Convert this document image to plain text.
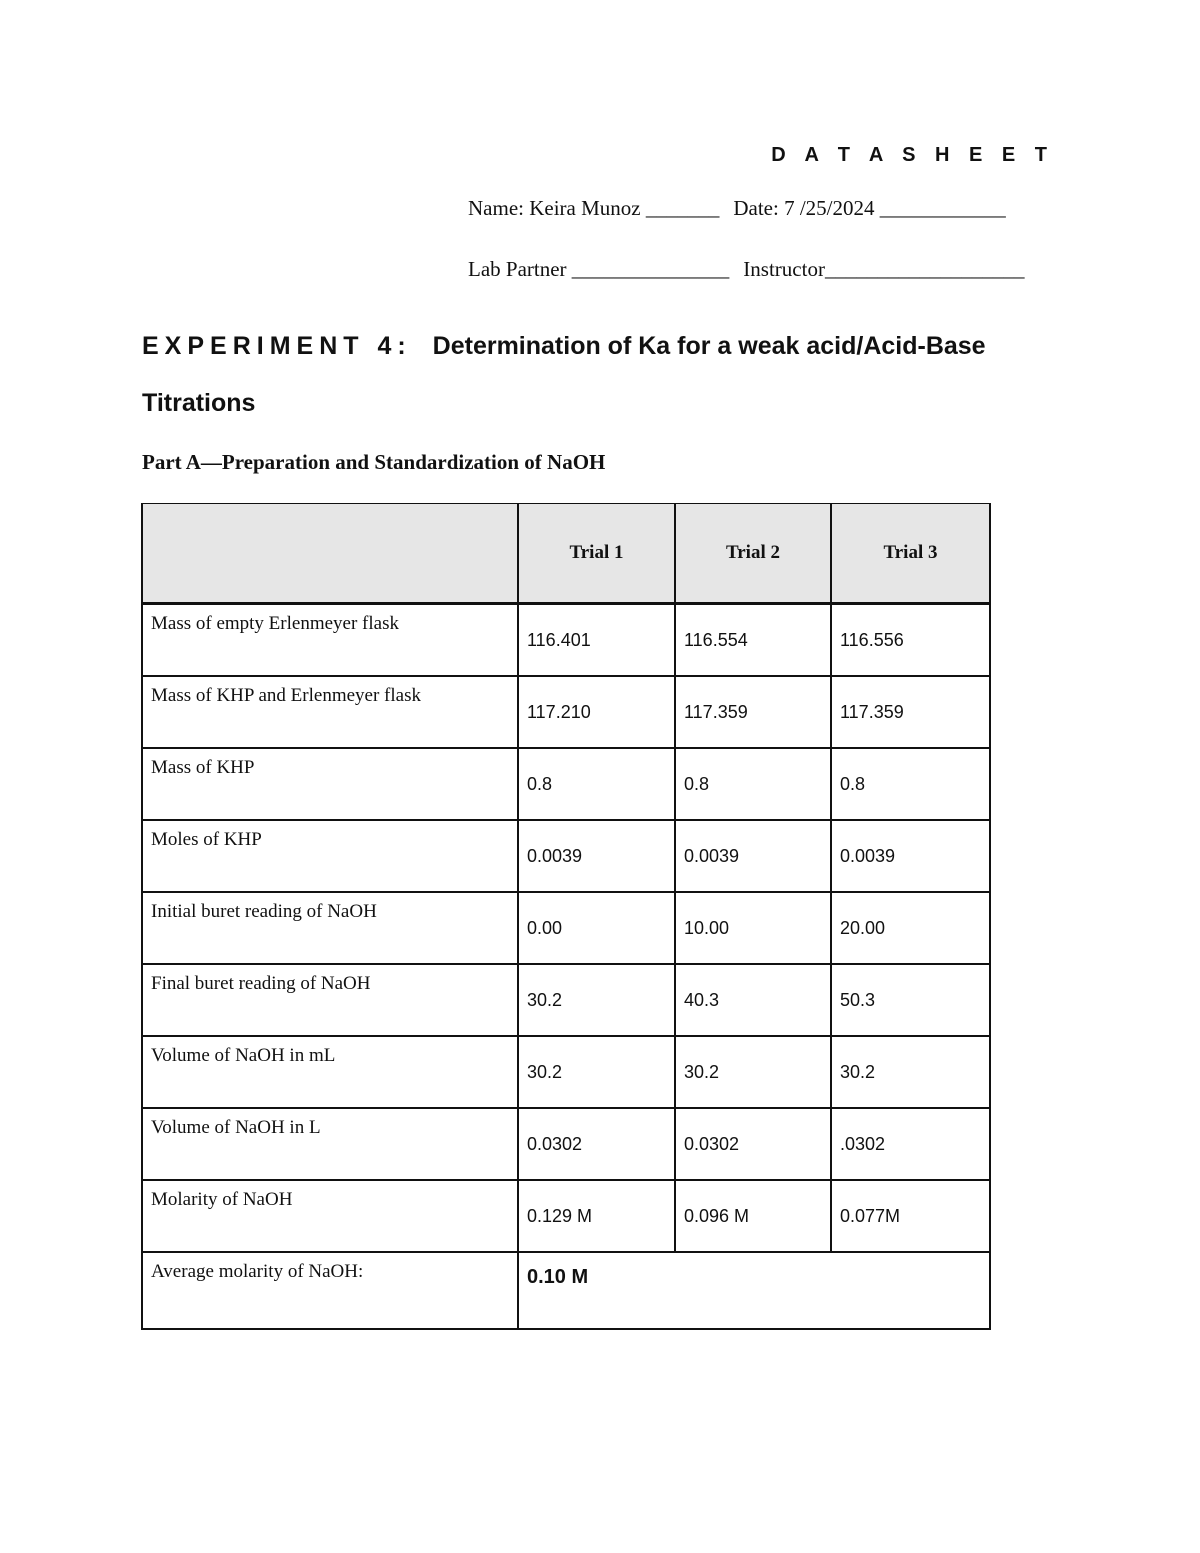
D A T A S H E E T
Name: Keira Munoz _______ Date: 7 /25/2024 ____________
Lab Partner _______________ Instructor___________________
EXPERIMENT 4: Determination of Ka for a weak acid/Acid-Base Titrations
Part A—Preparation and Standardization of NaOH
	Trial 1	Trial 2	Trial 3
Mass of empty Erlenmeyer flask	116.401	116.554	116.556
Mass of KHP and Erlenmeyer flask	117.210	117.359	117.359
Mass of KHP	0.8	0.8	0.8
Moles of KHP	0.0039	0.0039	0.0039
Initial buret reading of NaOH	0.00	10.00	20.00
Final buret reading of NaOH	30.2	40.3	50.3
Volume of NaOH in mL	30.2	30.2	30.2
Volume of NaOH in L	0.0302	0.0302	.0302
Molarity of NaOH	0.129 M	0.096 M	0.077M
Average molarity of NaOH:	0.10 M		
